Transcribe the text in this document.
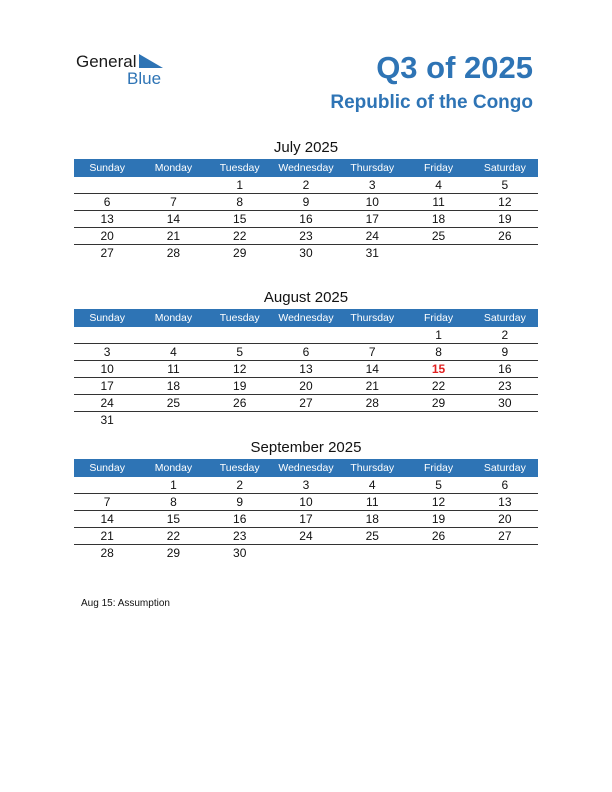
General
Blue	Q3 of 2025
Republic of the Congo
July 2025
Sunday	Monday	Tuesday	Wednesday	Thursday	Friday	Saturday
		1	2	3	4	5
6	7	8	9	10	11	12
13	14	15	16	17	18	19
20	21	22	23	24	25	26
27	28	29	30	31		
August 2025
Sunday	Monday	Tuesday	Wednesday	Thursday	Friday	Saturday
					1	2
3	4	5	6	7	8	9
10	11	12	13	14	15	16
17	18	19	20	21	22	23
24	25	26	27	28	29	30
31						
September 2025
Sunday	Monday	Tuesday	Wednesday	Thursday	Friday	Saturday
	1	2	3	4	5	6
7	8	9	10	11	12	13
14	15	16	17	18	19	20
21	22	23	24	25	26	27
28	29	30				
Aug 15: Assumption
